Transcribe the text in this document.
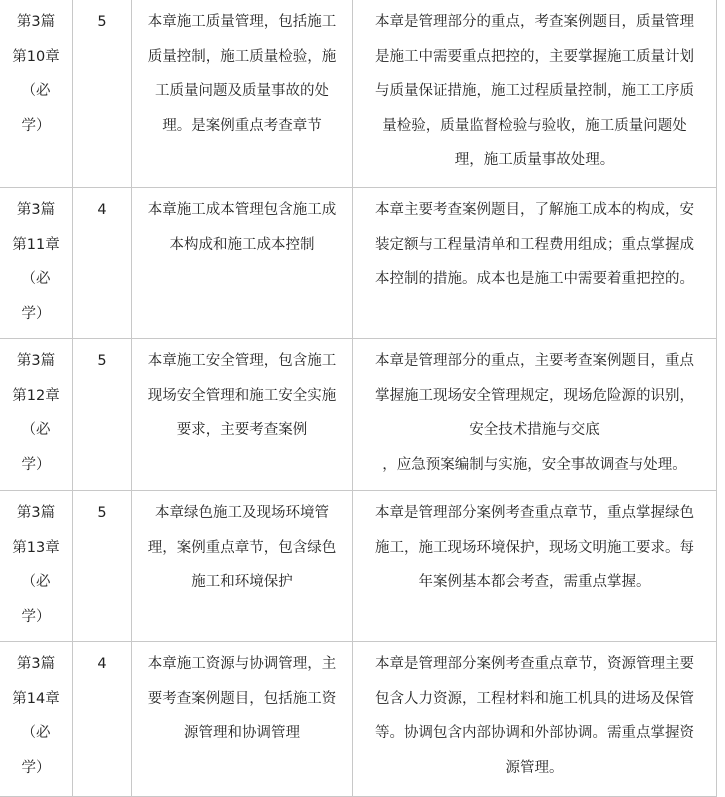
第3篇
第10章
（必
学）	5	本章施工质量管理，包括施工
质量控制，施工质量检验，施
工质量问题及质量事故的处
理。是案例重点考查章节	本章是管理部分的重点，考查案例题目，质量管理
是施工中需要重点把控的，主要掌握施工质量计划
与质量保证措施，施工过程质量控制，施工工序质
量检验，质量监督检验与验收，施工质量问题处
理，施工质量事故处理。

第3篇
第11章
（必
学）	4	本章施工成本管理包含施工成
本构成和施工成本控制	本章主要考查案例题目，了解施工成本的构成，安
装定额与工程量清单和工程费用组成；重点掌握成
本控制的措施。成本也是施工中需要着重把控的。

第3篇
第12章
（必
学）	5	本章施工安全管理，包含施工
现场安全管理和施工安全实施
要求，主要考查案例	本章是管理部分的重点，主要考查案例题目，重点
掌握施工现场安全管理规定，现场危险源的识别，
安全技术措施与交底
，应急预案编制与实施，安全事故调查与处理。

第3篇
第13章
（必
学）	5	本章绿色施工及现场环境管
理，案例重点章节，包含绿色
施工和环境保护	本章是管理部分案例考查重点章节，重点掌握绿色
施工，施工现场环境保护，现场文明施工要求。每
年案例基本都会考查，需重点掌握。

第3篇
第14章
（必
学）	4	本章施工资源与协调管理，主
要考查案例题目，包括施工资
源管理和协调管理	本章是管理部分案例考查重点章节，资源管理主要
包含人力资源，工程材料和施工机具的进场及保管
等。协调包含内部协调和外部协调。需重点掌握资
源管理。
